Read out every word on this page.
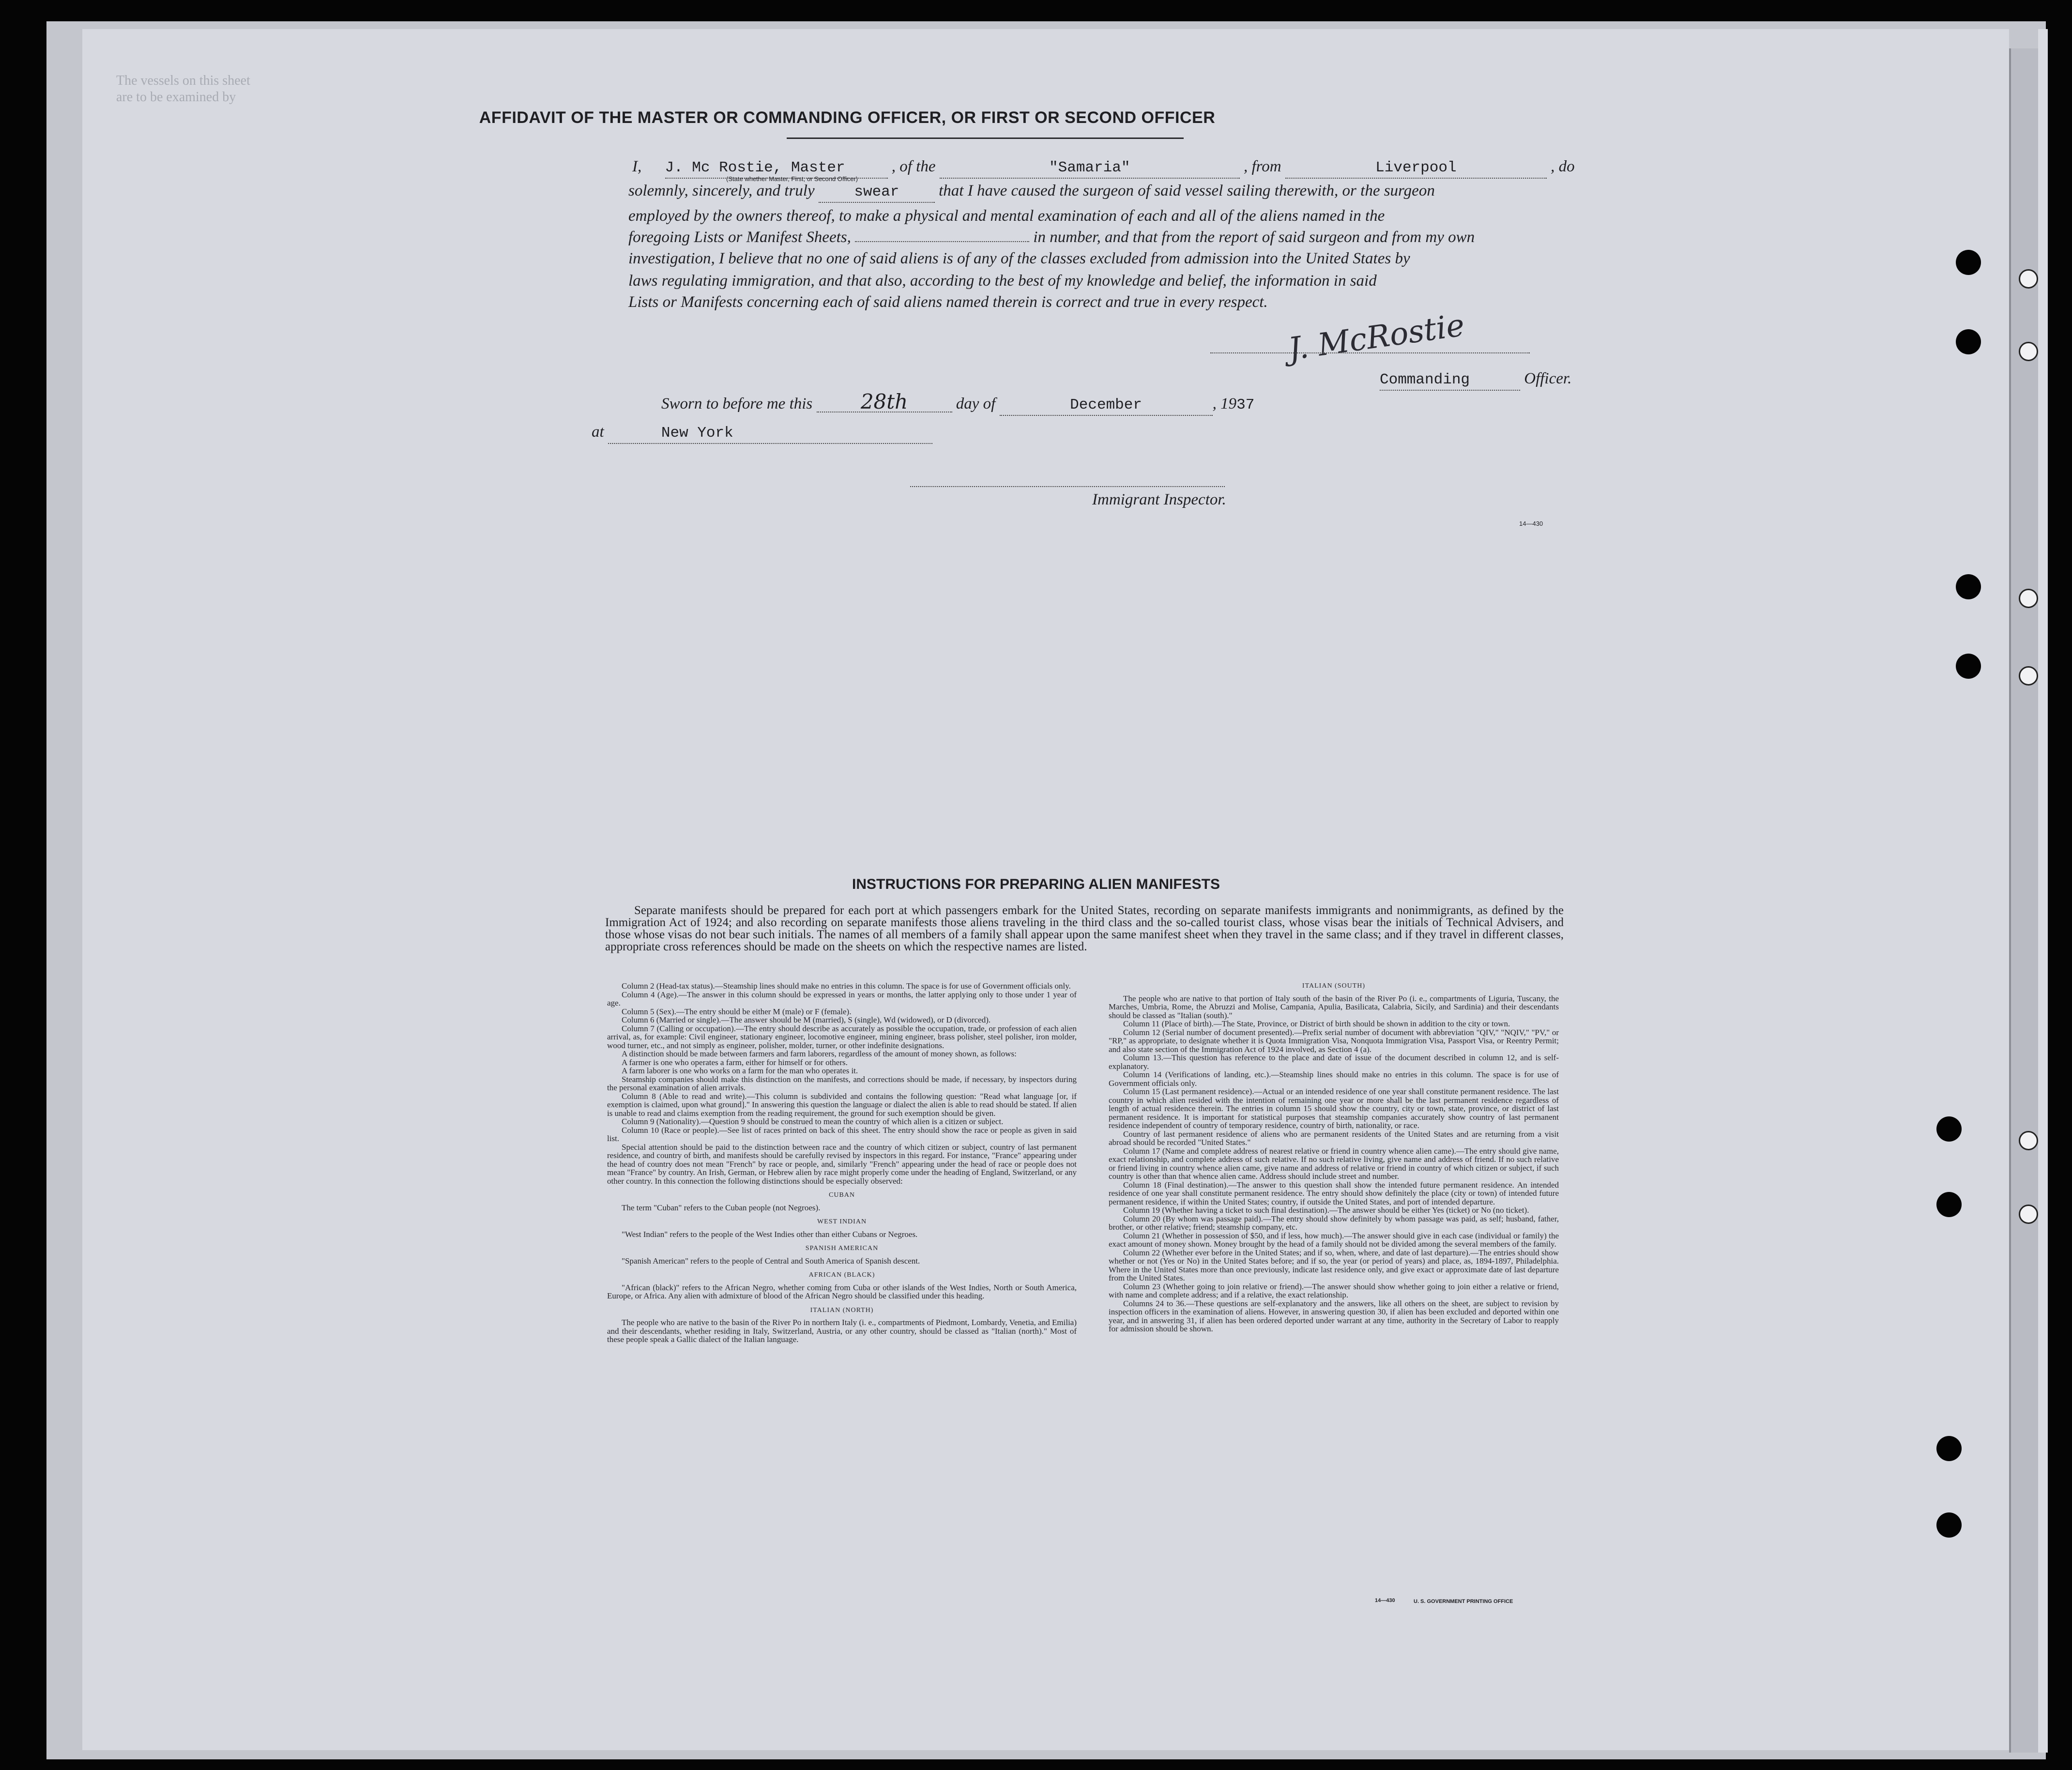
The vessels on this sheet
are to be examined by
AFFIDAVIT OF THE MASTER OR COMMANDING OFFICER, OR FIRST OR SECOND OFFICER
I, J. Mc Rostie, Master	, of the	"Samaria"	, from	Liverpool	, do
(State whether Master, First, or Second Officer)
solemnly, sincerely, and truly	swear that I have caused the surgeon of said vessel sailing therewith, or the surgeon
employed by the owners thereof, to make a physical and mental examination of each and all of the aliens named in the
foregoing Lists or Manifest Sheets,	in number, and that from the report of said surgeon and from my own
investigation, I believe that no one of said aliens is of any of the classes excluded from admission into the United States by
laws regulating immigration, and that also, according to the best of my knowledge and belief, the information in said
Lists or Manifests concerning each of said aliens named therein is correct and true in every respect.
J. McRostie
Commanding	Officer.
Sworn to before me this 28th	day of	December	, 1937
at	New York
Immigrant Inspector.
14—430
INSTRUCTIONS FOR PREPARING ALIEN MANIFESTS
Separate manifests should be prepared for each port at which passengers embark for the United States, recording on separate manifests immigrants and nonimmigrants, as defined by the Immigration Act of 1924; and also recording on separate manifests those aliens traveling in the third class and the so-called tourist class, whose visas bear the initials of Technical Advisers, and those whose visas do not bear such initials. The names of all members of a family shall appear upon the same manifest sheet when they travel in the same class; and if they travel in different classes, appropriate cross references should be made on the sheets on which the respective names are listed.

Column 2 (Head-tax status).—Steamship lines should make no entries in this column. The space is for use of Government officials only.

Column 4 (Age).—The answer in this column should be expressed in years or months, the latter applying only to those under 1 year of age.

Column 5 (Sex).—The entry should be either M (male) or F (female).

Column 6 (Married or single).—The answer should be M (married), S (single), Wd (widowed), or D (divorced).

Column 7 (Calling or occupation).—The entry should describe as accurately as possible the occupation, trade, or profession of each alien arrival, as, for example: Civil engineer, stationary engineer, locomotive engineer, mining engineer, brass polisher, steel polisher, iron molder, wood turner, etc., and not simply as engineer, polisher, molder, turner, or other indefinite designations.

A distinction should be made between farmers and farm laborers, regardless of the amount of money shown, as follows:

A farmer is one who operates a farm, either for himself or for others.

A farm laborer is one who works on a farm for the man who operates it.

Steamship companies should make this distinction on the manifests, and corrections should be made, if necessary, by inspectors during the personal examination of alien arrivals.

Column 8 (Able to read and write).—This column is subdivided and contains the following question: "Read what language [or, if exemption is claimed, upon what ground]." In answering this question the language or dialect the alien is able to read should be stated. If alien is unable to read and claims exemption from the reading requirement, the ground for such exemption should be given.

Column 9 (Nationality).—Question 9 should be construed to mean the country of which alien is a citizen or subject.

Column 10 (Race or people).—See list of races printed on back of this sheet. The entry should show the race or people as given in said list.

Special attention should be paid to the distinction between race and the country of which citizen or subject, country of last permanent residence, and country of birth, and manifests should be carefully revised by inspectors in this regard. For instance, "France" appearing under the head of country does not mean "French" by race or people, and, similarly "French" appearing under the head of race or people does not mean "France" by country. An Irish, German, or Hebrew alien by race might properly come under the heading of England, Switzerland, or any other country. In this connection the following distinctions should be especially observed:

CUBAN

The term "Cuban" refers to the Cuban people (not Negroes).

WEST INDIAN

"West Indian" refers to the people of the West Indies other than either Cubans or Negroes.

SPANISH AMERICAN

"Spanish American" refers to the people of Central and South America of Spanish descent.

AFRICAN (BLACK)

"African (black)" refers to the African Negro, whether coming from Cuba or other islands of the West Indies, North or South America, Europe, or Africa. Any alien with admixture of blood of the African Negro should be classified under this heading.

ITALIAN (NORTH)

The people who are native to the basin of the River Po in northern Italy (i. e., compartments of Piedmont, Lombardy, Venetia, and Emilia) and their descendants, whether residing in Italy, Switzerland, Austria, or any other country, should be classed as "Italian (north)." Most of these people speak a Gallic dialect of the Italian language.

ITALIAN (SOUTH)

The people who are native to that portion of Italy south of the basin of the River Po (i. e., compartments of Liguria, Tuscany, the Marches, Umbria, Rome, the Abruzzi and Molise, Campania, Apulia, Basilicata, Calabria, Sicily, and Sardinia) and their descendants should be classed as "Italian (south)."

Column 11 (Place of birth).—The State, Province, or District of birth should be shown in addition to the city or town.

Column 12 (Serial number of document presented).—Prefix serial number of document with abbreviation "QIV," "NQIV," "PV," or "RP," as appropriate, to designate whether it is Quota Immigration Visa, Nonquota Immigration Visa, Passport Visa, or Reentry Permit; and also state section of the Immigration Act of 1924 involved, as Section 4 (a).

Column 13.—This question has reference to the place and date of issue of the document described in column 12, and is self-explanatory.

Column 14 (Verifications of landing, etc.).—Steamship lines should make no entries in this column. The space is for use of Government officials only.

Column 15 (Last permanent residence).—Actual or an intended residence of one year shall constitute permanent residence. The last country in which alien resided with the intention of remaining one year or more shall be the last permanent residence regardless of length of actual residence therein. The entries in column 15 should show the country, city or town, state, province, or district of last permanent residence. It is important for statistical purposes that steamship companies accurately show country of last permanent residence independent of country of temporary residence, country of birth, nationality, or race.

Country of last permanent residence of aliens who are permanent residents of the United States and are returning from a visit abroad should be recorded "United States."

Column 17 (Name and complete address of nearest relative or friend in country whence alien came).—The entry should give name, exact relationship, and complete address of such relative. If no such relative living, give name and address of friend. If no such relative or friend living in country whence alien came, give name and address of relative or friend in country of which citizen or subject, if such country is other than that whence alien came. Address should include street and number.

Column 18 (Final destination).—The answer to this question shall show the intended future permanent residence. An intended residence of one year shall constitute permanent residence. The entry should show definitely the place (city or town) of intended future permanent residence, if within the United States; country, if outside the United States, and port of intended departure.

Column 19 (Whether having a ticket to such final destination).—The answer should be either Yes (ticket) or No (no ticket).

Column 20 (By whom was passage paid).—The entry should show definitely by whom passage was paid, as self; husband, father, brother, or other relative; friend; steamship company, etc.

Column 21 (Whether in possession of $50, and if less, how much).—The answer should give in each case (individual or family) the exact amount of money shown. Money brought by the head of a family should not be divided among the several members of the family.

Column 22 (Whether ever before in the United States; and if so, when, where, and date of last departure).—The entries should show whether or not (Yes or No) in the United States before; and if so, the year (or period of years) and place, as, 1894-1897, Philadelphia. Where in the United States more than once previously, indicate last residence only, and give exact or approximate date of last departure from the United States.

Column 23 (Whether going to join relative or friend).—The answer should show whether going to join either a relative or friend, with name and complete address; and if a relative, the exact relationship.

Columns 24 to 36.—These questions are self-explanatory and the answers, like all others on the sheet, are subject to revision by inspection officers in the examination of aliens. However, in answering question 30, if alien has been excluded and deported within one year, and in answering 31, if alien has been ordered deported under warrant at any time, authority in the Secretary of Labor to reapply for admission should be shown.

14—430	U. S. GOVERNMENT PRINTING OFFICE
